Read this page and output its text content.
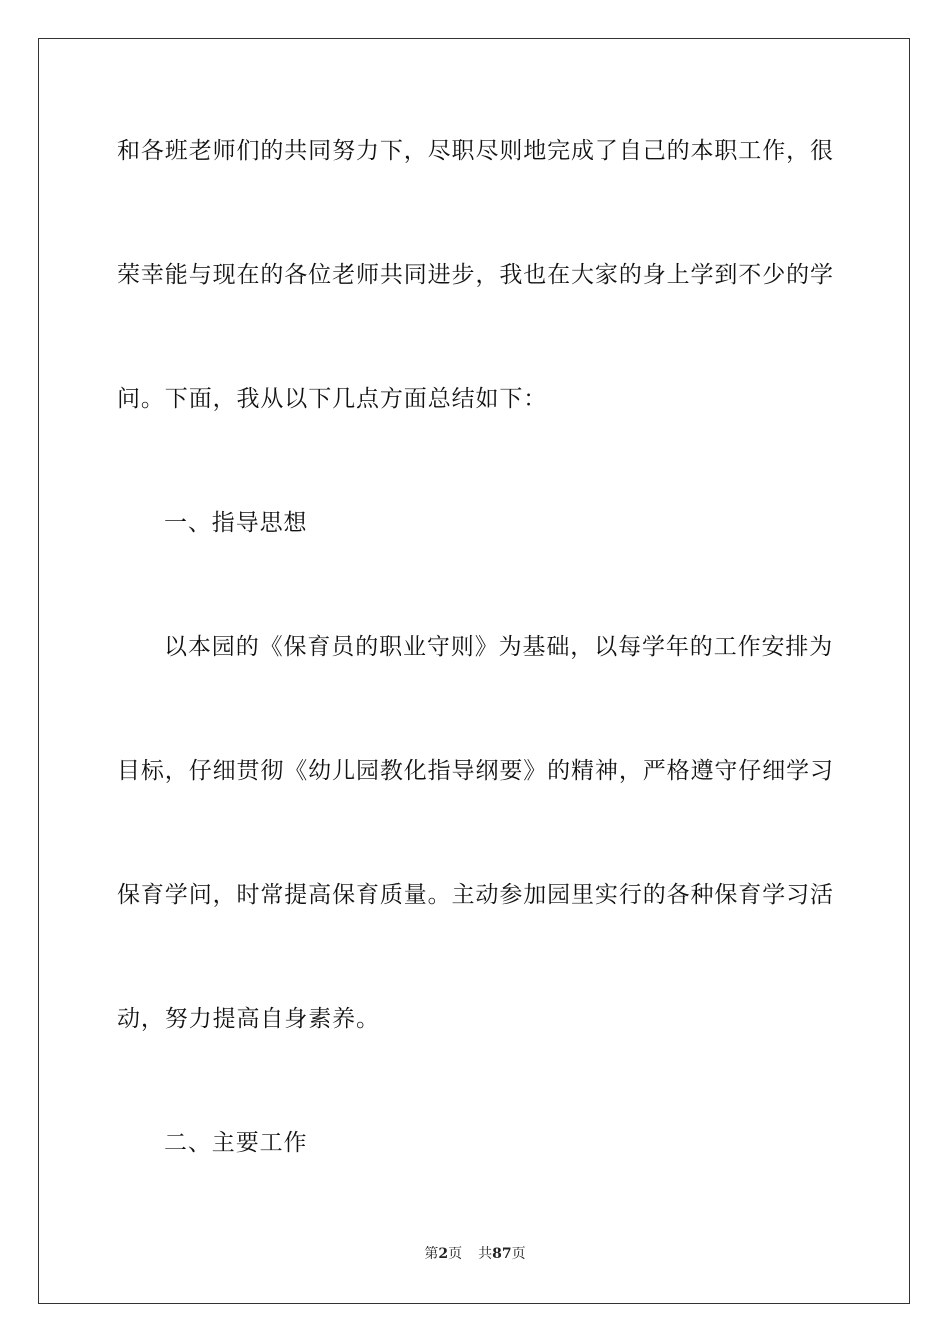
和各班老师们的共同努力下，尽职尽则地完成了自己的本职工作，很
荣幸能与现在的各位老师共同进步，我也在大家的身上学到不少的学
问。下面，我从以下几点方面总结如下：
一、指导思想
以本园的《保育员的职业守则》为基础，以每学年的工作安排为
目标，仔细贯彻《幼儿园教化指导纲要》的精神，严格遵守仔细学习
保育学问，时常提高保育质量。主动参加园里实行的各种保育学习活
动，努力提高自身素养。
二、主要工作
第2页 共87页
